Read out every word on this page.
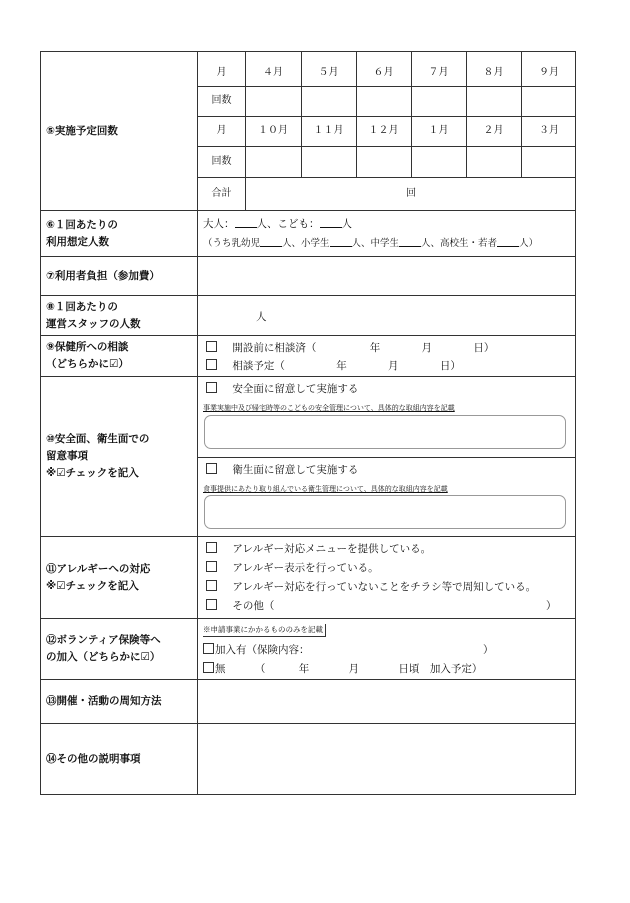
⑤実施予定回数
月	４月	５月	６月	７月	８月	９月
回数
月	１０月	１１月	１２月	１月	２月	３月
回数
合計	回
⑥１回あたりの
利用想定人数
大人： 人、こども： 人
（うち乳幼児 人、小学生 人、中学生 人、高校生・若者 人）
⑦利用者負担（参加費）
⑧１回あたりの
運営スタッフの人数
人
⑨保健所への相談
（どちらかに☑）
開設前に相談済（	年	月	日）
相談予定（	年	月	日）
⑩安全面、衛生面での
留意事項
※☑チェックを記入
安全面に留意して実施する
事業実施中及び帰宅時等のこどもの安全管理について、具体的な取組内容を記載
衛生面に留意して実施する
食事提供にあたり取り組んでいる衛生管理について、具体的な取組内容を記載
⑪アレルギーへの対応
※☑チェックを記入
アレルギー対応メニューを提供している。
アレルギー表示を行っている。
アレルギー対応を行っていないことをチラシ等で周知している。
その他（	）
⑫ボランティア保険等へ
の加入（どちらかに☑）
※申請事業にかかるもののみを記載
加入有（保険内容：	）
無	（	年	月	日頃　加入予定）
⑬開催・活動の周知方法
⑭その他の説明事項
